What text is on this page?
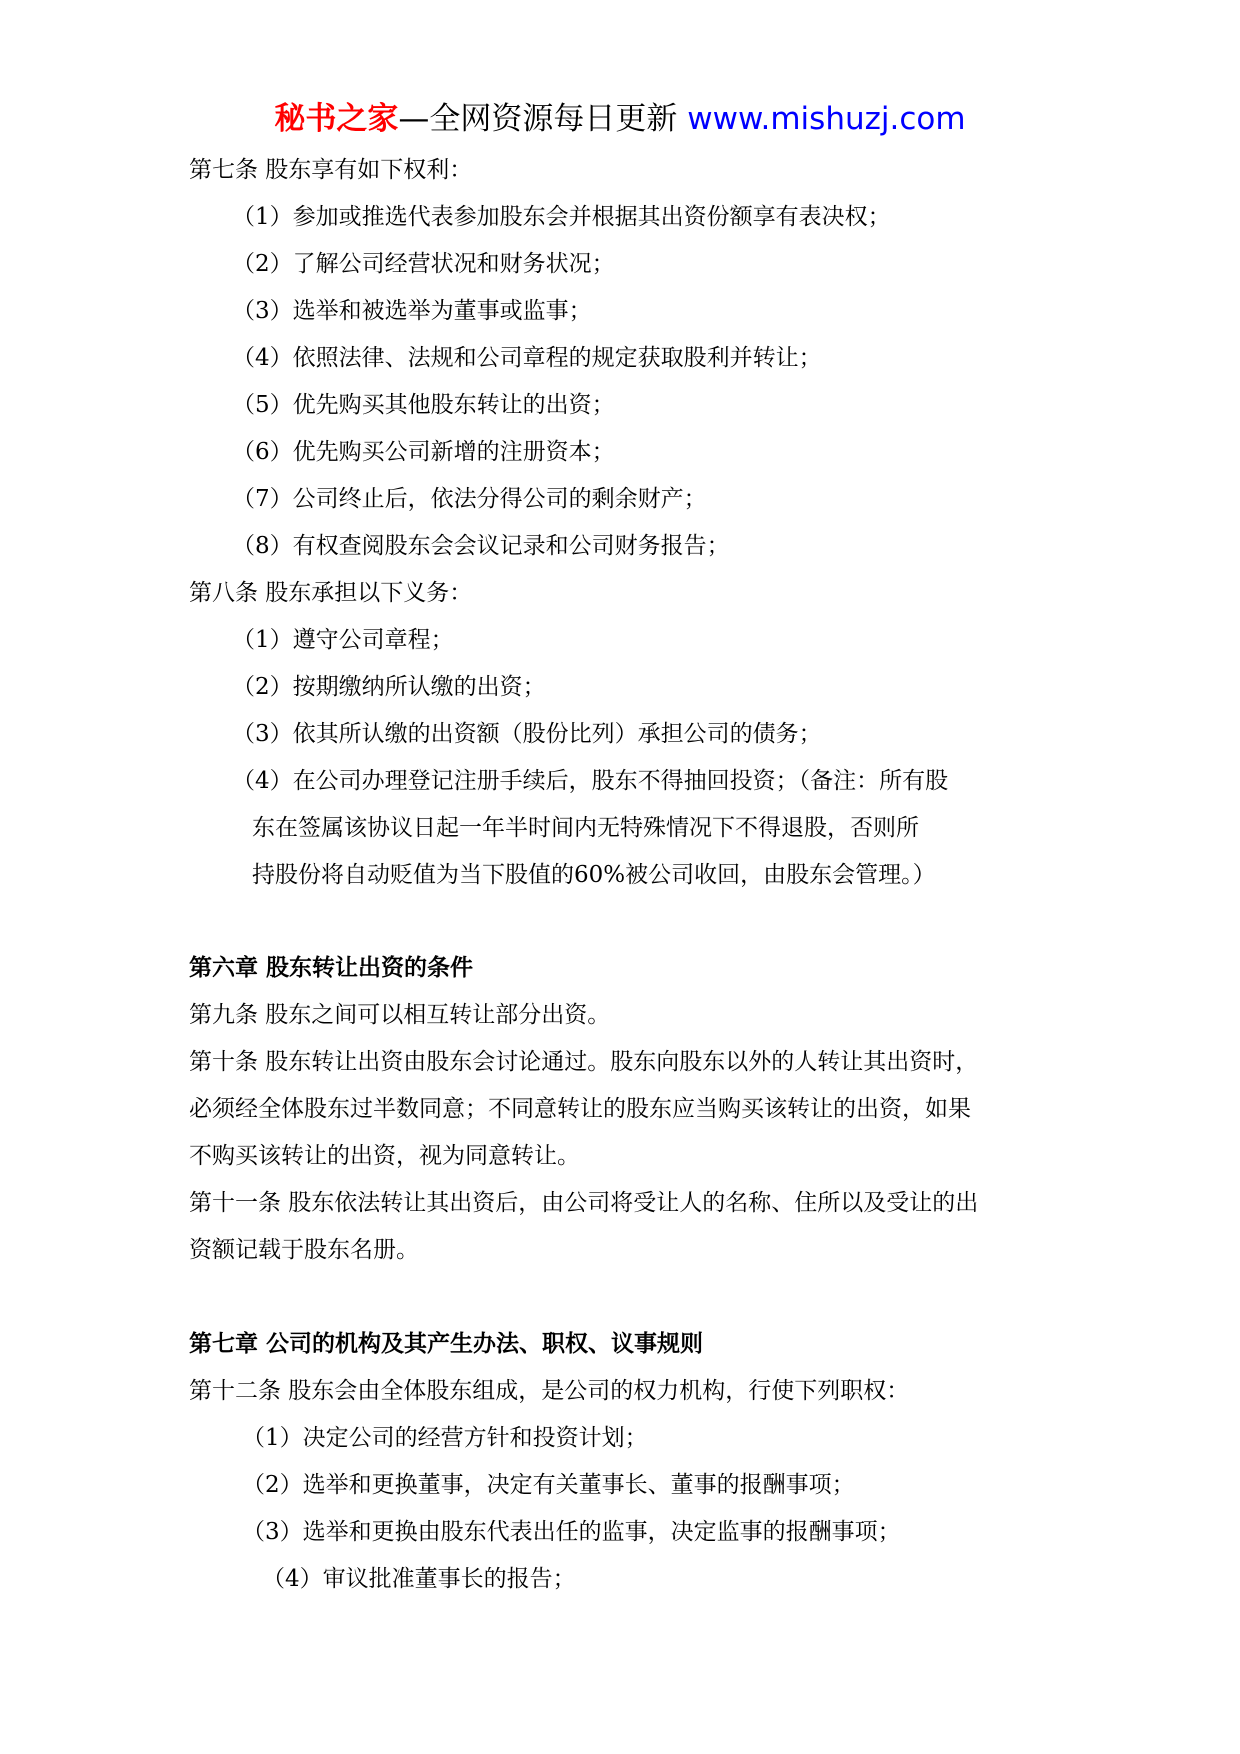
秘书之家—全网资源每日更新 www.mishuzj.com
第七条 股东享有如下权利：
（1）参加或推选代表参加股东会并根据其出资份额享有表决权；
（2）了解公司经营状况和财务状况；
（3）选举和被选举为董事或监事；
（4）依照法律、法规和公司章程的规定获取股利并转让；
（5）优先购买其他股东转让的出资；
（6）优先购买公司新增的注册资本；
（7）公司终止后，依法分得公司的剩余财产；
（8）有权查阅股东会会议记录和公司财务报告；
第八条 股东承担以下义务：
（1）遵守公司章程；
（2）按期缴纳所认缴的出资；
（3）依其所认缴的出资额（股份比列）承担公司的债务；
（4）在公司办理登记注册手续后，股东不得抽回投资；（备注：所有股
东在签属该协议日起一年半时间内无特殊情况下不得退股，否则所
持股份将自动贬值为当下股值的60%被公司收回，由股东会管理。）
第六章 股东转让出资的条件
第九条 股东之间可以相互转让部分出资。
第十条 股东转让出资由股东会讨论通过。股东向股东以外的人转让其出资时，
必须经全体股东过半数同意；不同意转让的股东应当购买该转让的出资，如果
不购买该转让的出资，视为同意转让。
第十一条 股东依法转让其出资后，由公司将受让人的名称、住所以及受让的出
资额记载于股东名册。
第七章 公司的机构及其产生办法、职权、议事规则
第十二条 股东会由全体股东组成，是公司的权力机构，行使下列职权：
（1）决定公司的经营方针和投资计划；
（2）选举和更换董事，决定有关董事长、董事的报酬事项；
（3）选举和更换由股东代表出任的监事，决定监事的报酬事项；
（4）审议批准董事长的报告；
